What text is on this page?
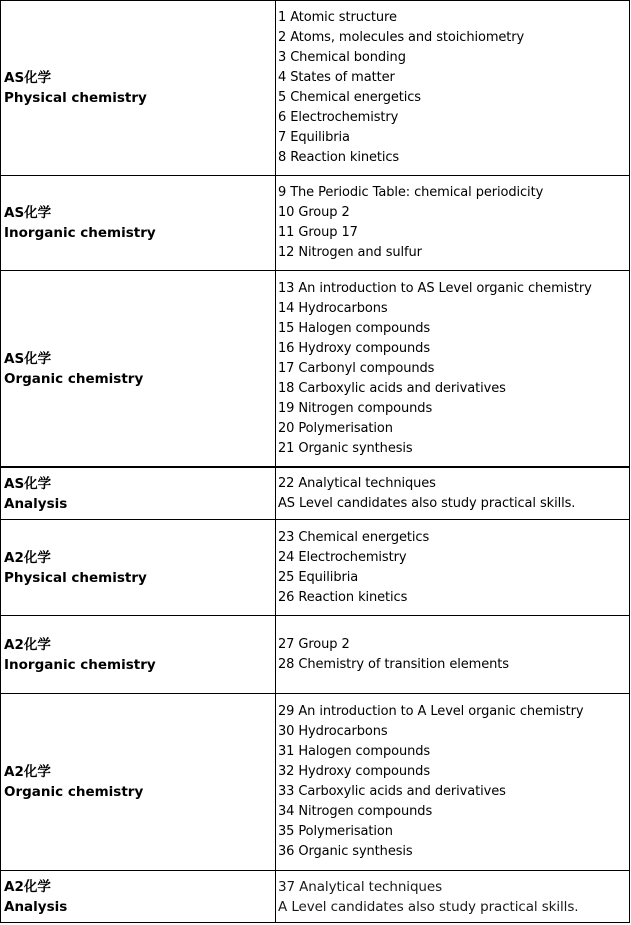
AS化学
Physical chemistry
1 Atomic structure
2 Atoms, molecules and stoichiometry
3 Chemical bonding
4 States of matter
5 Chemical energetics
6 Electrochemistry
7 Equilibria
8 Reaction kinetics
AS化学
Inorganic chemistry
9 The Periodic Table: chemical periodicity
10 Group 2
11 Group 17
12 Nitrogen and sulfur
AS化学
Organic chemistry
13 An introduction to AS Level organic chemistry
14 Hydrocarbons
15 Halogen compounds
16 Hydroxy compounds
17 Carbonyl compounds
18 Carboxylic acids and derivatives
19 Nitrogen compounds
20 Polymerisation
21 Organic synthesis
AS化学
Analysis
22 Analytical techniques
AS Level candidates also study practical skills.
A2化学
Physical chemistry
23 Chemical energetics
24 Electrochemistry
25 Equilibria
26 Reaction kinetics
A2化学
Inorganic chemistry
27 Group 2
28 Chemistry of transition elements
A2化学
Organic chemistry
29 An introduction to A Level organic chemistry
30 Hydrocarbons
31 Halogen compounds
32 Hydroxy compounds
33 Carboxylic acids and derivatives
34 Nitrogen compounds
35 Polymerisation
36 Organic synthesis
A2化学
Analysis
37 Analytical techniques
A Level candidates also study practical skills.
